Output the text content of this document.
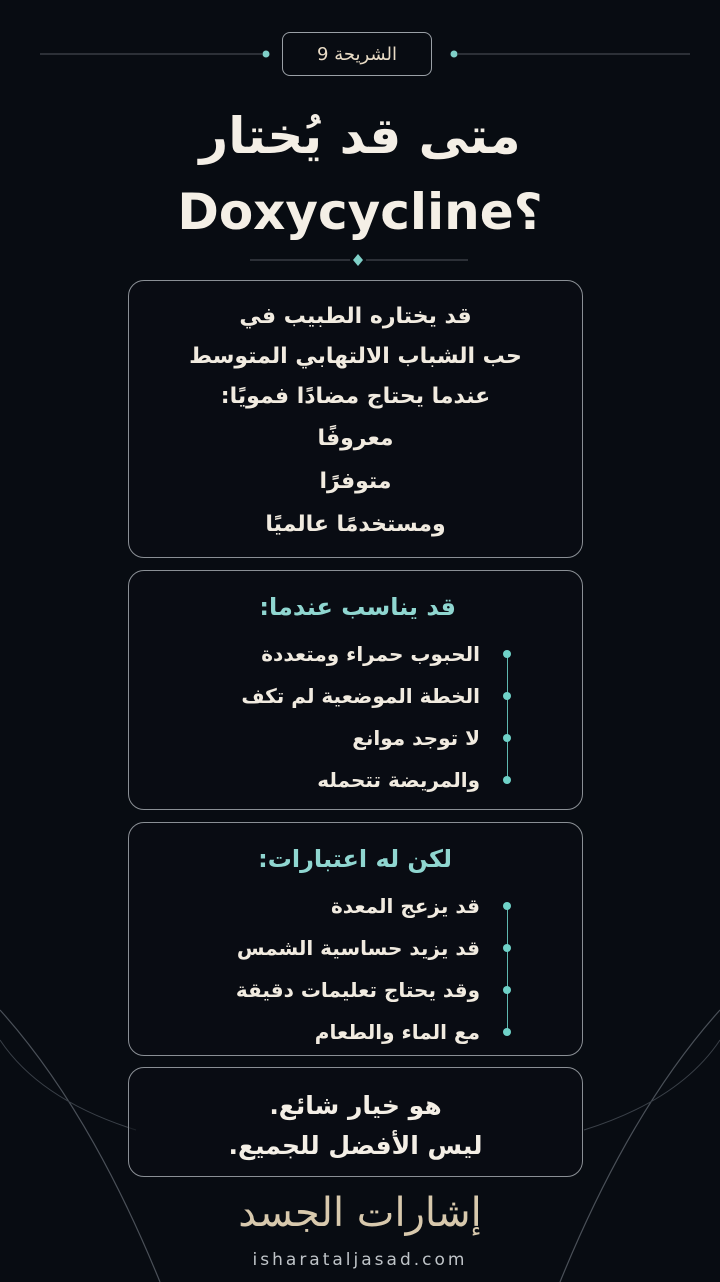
الشريحة 9
متى قد يُختار
Doxycycline؟
قد يختاره الطبيب في
حب الشباب الالتهابي المتوسط
عندما يحتاج مضادًا فمويًا:
معروفًا
متوفرًا
ومستخدمًا عالميًا
قد يناسب عندما:
الحبوب حمراء ومتعددة
الخطة الموضعية لم تكف
لا توجد موانع
والمريضة تتحمله
لكن له اعتبارات:
قد يزعج المعدة
قد يزيد حساسية الشمس
وقد يحتاج تعليمات دقيقة
مع الماء والطعام
هو خيار شائع.
ليس الأفضل للجميع.
إشارات الجسد
isharataljasad.com
